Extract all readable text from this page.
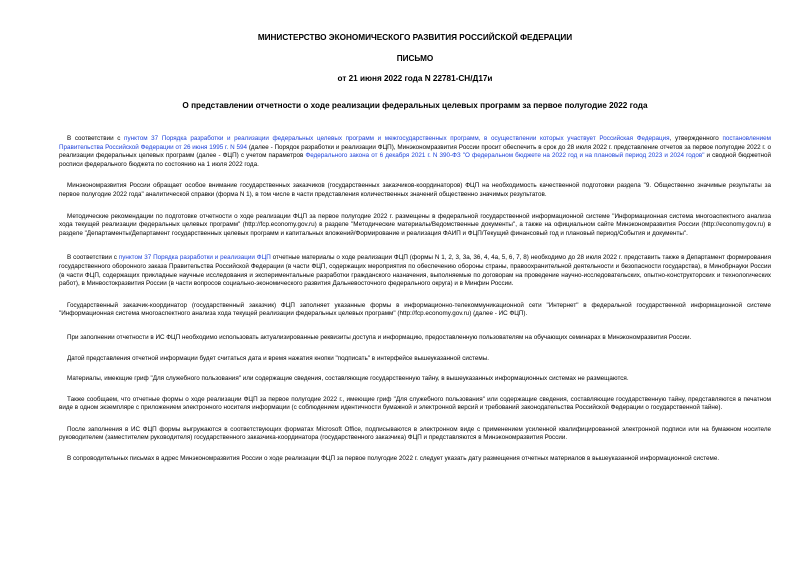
МИНИСТЕРСТВО ЭКОНОМИЧЕСКОГО РАЗВИТИЯ РОССИЙСКОЙ ФЕДЕРАЦИИ

ПИСЬМО

от 21 июня 2022 года N 22781-СН/Д17и

О представлении отчетности о ходе реализации федеральных целевых программ за первое полугодие 2022 года

В соответствии с пунктом 37 Порядка разработки и реализации федеральных целевых программ и межгосударственных программ, в осуществлении которых участвует Российская Федерация, утвержденного постановлением Правительства Российской Федерации от 26 июня 1995 г. N 594 (далее - Порядок разработки и реализации ФЦП), Минэкономразвития России просит обеспечить в срок до 28 июля 2022 г. представление отчетов за первое полугодие 2022 г. о реализации федеральных целевых программ (далее - ФЦП) с учетом параметров Федерального закона от 6 декабря 2021 г. N 390-ФЗ "О федеральном бюджете на 2022 год и на плановый период 2023 и 2024 годов" и сводной бюджетной росписи федерального бюджета по состоянию на 1 июля 2022 года.

Минэкономразвития России обращает особое внимание государственных заказчиков (государственных заказчиков-координаторов) ФЦП на необходимость качественной подготовки раздела "9. Общественно значимые результаты за первое полугодие 2022 года" аналитической справки (форма N 1), в том числе в части представления количественных значений общественно значимых результатов.

Методические рекомендации по подготовке отчетности о ходе реализации ФЦП за первое полугодие 2022 г. размещены в федеральной государственной информационной системе "Информационная система многоаспектного анализа хода текущей реализации федеральных целевых программ" (http://fcp.economy.gov.ru) в разделе "Методические материалы/Ведомственные документы", а также на официальном сайте Минэкономразвития России (http://economy.gov.ru) в разделе "Департаменты/Департамент государственных целевых программ и капитальных вложений/Формирование и реализация ФАИП и ФЦП/Текущий финансовый год и плановый период/События и документы".

В соответствии с пунктом 37 Порядка разработки и реализации ФЦП отчетные материалы о ходе реализации ФЦП (формы N 1, 2, 3, 3а, 36, 4, 4а, 5, 6, 7, 8) необходимо до 28 июля 2022 г. представить также в Департамент формирования государственного оборонного заказа Правительства Российской Федерации (в части ФЦП, содержащих мероприятия по обеспечению обороны страны, правоохранительной деятельности и безопасности государства), в Минобрнауки России (в части ФЦП, содержащих прикладные научные исследования и экспериментальные разработки гражданского назначения, выполняемые по договорам на проведение научно-исследовательских, опытно-конструкторских и технологических работ), в Минвостокразвития России (в части вопросов социально-экономического развития Дальневосточного федерального округа) и в Минфин России.

Государственный заказчик-координатор (государственный заказчик) ФЦП заполняет указанные формы в информационно-телекоммуникационной сети "Интернет" в федеральной государственной информационной системе "Информационная система многоаспектного анализа хода текущей реализации федеральных целевых программ" (http://fcp.economy.gov.ru) (далее - ИС ФЦП).

При заполнении отчетности в ИС ФЦП необходимо использовать актуализированные реквизиты доступа и информацию, предоставленную пользователям на обучающих семинарах в Минэкономразвития России.

Датой представления отчетной информации будет считаться дата и время нажатия кнопки "подписать" в интерфейсе вышеуказанной системы.

Материалы, имеющие гриф "Для служебного пользования" или содержащие сведения, составляющие государственную тайну, в вышеуказанных информационных системах не размещаются.

Также сообщаем, что отчетные формы о ходе реализации ФЦП за первое полугодие 2022 г., имеющие гриф "Для служебного пользования" или содержащие сведения, составляющие государственную тайну, представляются в печатном виде в одном экземпляре с приложением электронного носителя информации (с соблюдением идентичности бумажной и электронной версий и требований законодательства Российской Федерации о государственной тайне).

После заполнения в ИС ФЦП формы выгружаются в соответствующих форматах Microsoft Office, подписываются в электронном виде с применением усиленной квалифицированной электронной подписи или на бумажном носителе руководителем (заместителем руководителя) государственного заказчика-координатора (государственного заказчика) ФЦП и представляются в Минэкономразвития России.

В сопроводительных письмах в адрес Минэкономразвития России о ходе реализации ФЦП за первое полугодие 2022 г. следует указать дату размещения отчетных материалов в вышеуказанной информационной системе.
